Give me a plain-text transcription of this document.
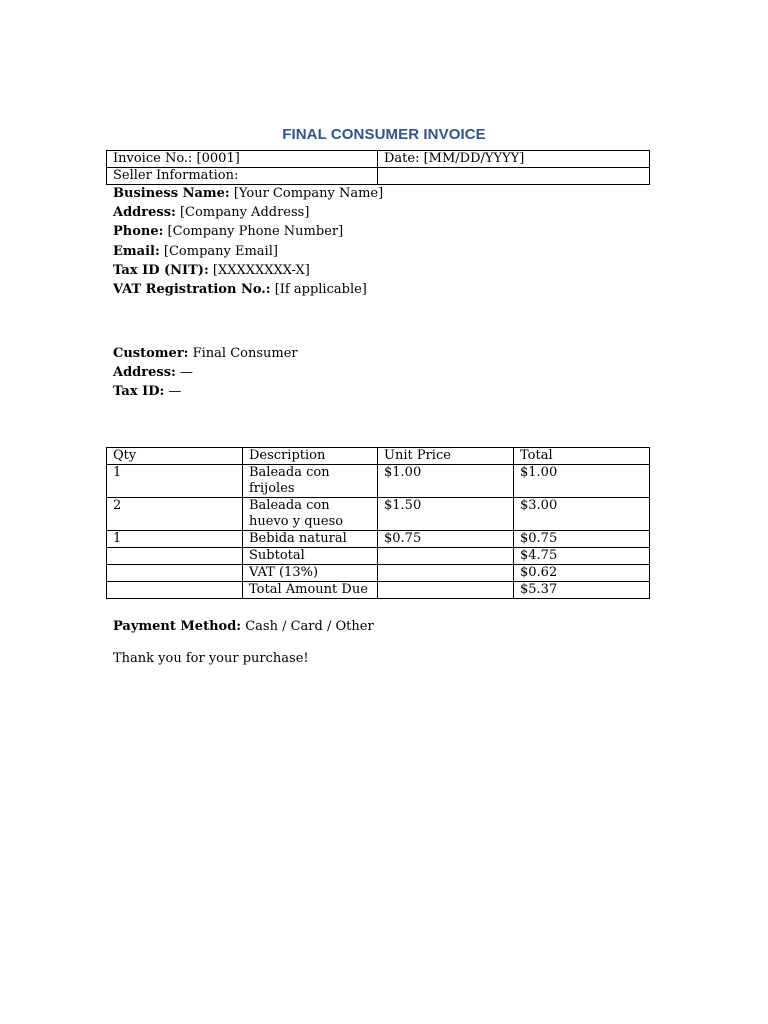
FINAL CONSUMER INVOICE
Invoice No.: [0001]	Date: [MM/DD/YYYY]
Seller Information:	
Business Name: [Your Company Name]
Address: [Company Address]
Phone: [Company Phone Number]
Email: [Company Email]
Tax ID (NIT): [XXXXXXXX-X]
VAT Registration No.: [If applicable]
Customer: Final Consumer
Address: —
Tax ID: —
Qty	Description	Unit Price	Total
1	Baleada con frijoles	$1.00	$1.00
2	Baleada con huevo y queso	$1.50	$3.00
1	Bebida natural	$0.75	$0.75
	Subtotal		$4.75
	VAT (13%)		$0.62
	Total Amount Due		$5.37
Payment Method: Cash / Card / Other
Thank you for your purchase!
